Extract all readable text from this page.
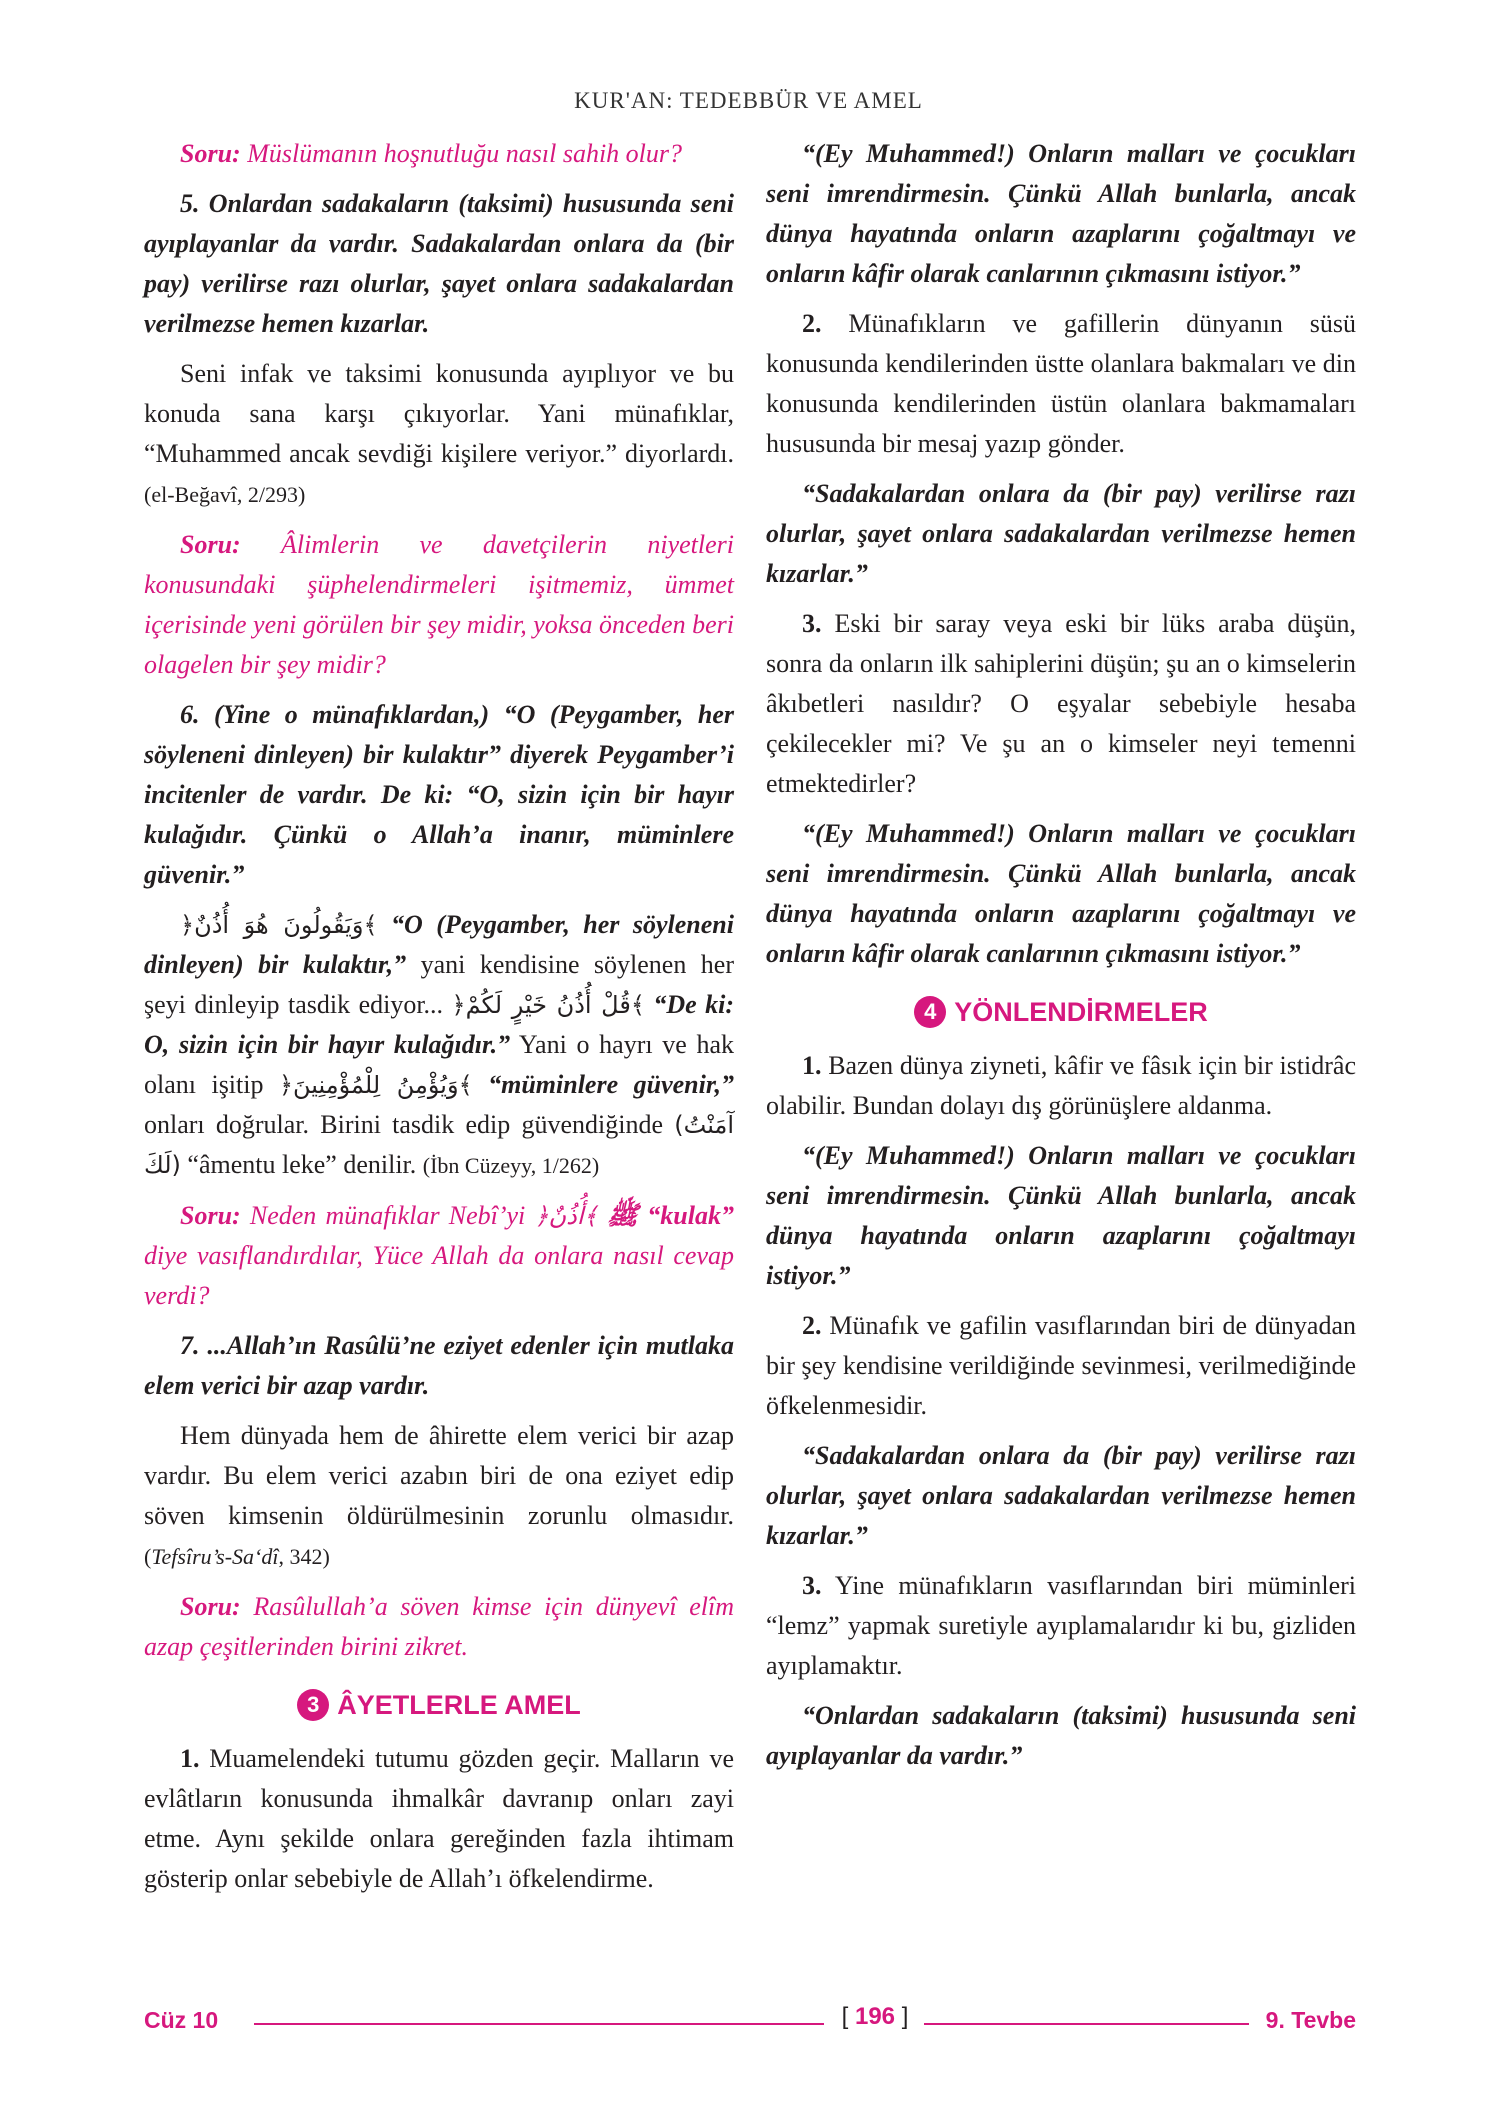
KUR'AN: TEDEBBÜR VE AMEL

Soru: Müslümanın hoşnutluğu nasıl sahih olur?

5. Onlardan sadakaların (taksimi) hususunda seni ayıplayanlar da vardır. Sadakalardan onlara da (bir pay) verilirse razı olurlar, şayet onlara sadakalardan verilmezse hemen kızarlar.

Seni infak ve taksimi konusunda ayıplıyor ve bu konuda sana karşı çıkıyorlar. Yani münafıklar, “Muhammed ancak sevdiği kişilere veriyor.” diyorlardı. (el-Beğavî, 2/293)

Soru: Âlimlerin ve davetçilerin niyetleri konusundaki şüphelendirmeleri işitmemiz, ümmet içerisinde yeni görülen bir şey midir, yoksa önceden beri olagelen bir şey midir?

6. (Yine o münafıklardan,) “O (Peygamber, her söyleneni dinleyen) bir kulaktır” diyerek Peygamber’i incitenler de vardır. De ki: “O, sizin için bir hayır kulağıdır. Çünkü o Allah’a inanır, müminlere güvenir.”

﴿وَيَقُولُونَ هُوَ أُذُنٌ﴾ “O (Peygamber, her söyleneni dinleyen) bir kulaktır,” yani kendisine söylenen her şeyi dinleyip tasdik ediyor... ﴿قُلْ أُذُنُ خَيْرٍ لَكُمْ﴾ “De ki: O, sizin için bir hayır kulağıdır.” Yani o hayrı ve hak olanı işitip ﴿وَيُؤْمِنُ لِلْمُؤْمِنِينَ﴾ “müminlere güvenir,” onları doğrular. Birini tasdik edip güvendiğinde (آمَنْتُ لَكَ) “âmentu leke” denilir. (İbn Cüzeyy, 1/262)

Soru: Neden münafıklar Nebî’yi ﴿أُذُنٌ﴾ ﷺ “kulak” diye vasıflandırdılar, Yüce Allah da onlara nasıl cevap verdi?

7. ...Allah’ın Rasûlü’ne eziyet edenler için mutlaka elem verici bir azap vardır.

Hem dünyada hem de âhirette elem verici bir azap vardır. Bu elem verici azabın biri de ona eziyet edip söven kimsenin öldürülmesinin zorunlu olmasıdır. (Tefsîru’s-Sa‘dî, 342)

Soru: Rasûlullah’a söven kimse için dünyevî elîm azap çeşitlerinden birini zikret.

3 ÂYETLERLE AMEL

1. Muamelendeki tutumu gözden geçir. Malların ve evlâtların konusunda ihmalkâr davranıp onları zayi etme. Aynı şekilde onlara gereğinden fazla ihtimam gösterip onlar sebebiyle de Allah’ı öfkelendirme.

“(Ey Muhammed!) Onların malları ve çocukları seni imrendirmesin. Çünkü Allah bunlarla, ancak dünya hayatında onların azaplarını çoğaltmayı ve onların kâfir olarak canlarının çıkmasını istiyor.”

2. Münafıkların ve gafillerin dünyanın süsü konusunda kendilerinden üstte olanlara bakmaları ve din konusunda kendilerinden üstün olanlara bakmamaları hususunda bir mesaj yazıp gönder.

“Sadakalardan onlara da (bir pay) verilirse razı olurlar, şayet onlara sadakalardan verilmezse hemen kızarlar.”

3. Eski bir saray veya eski bir lüks araba düşün, sonra da onların ilk sahiplerini düşün; şu an o kimselerin âkıbetleri nasıldır? O eşyalar sebebiyle hesaba çekilecekler mi? Ve şu an o kimseler neyi temenni etmektedirler?

“(Ey Muhammed!) Onların malları ve çocukları seni imrendirmesin. Çünkü Allah bunlarla, ancak dünya hayatında onların azaplarını çoğaltmayı ve onların kâfir olarak canlarının çıkmasını istiyor.”

4 YÖNLENDİRMELER

1. Bazen dünya ziyneti, kâfir ve fâsık için bir istidrâc olabilir. Bundan dolayı dış görünüşlere aldanma.

“(Ey Muhammed!) Onların malları ve çocukları seni imrendirmesin. Çünkü Allah bunlarla, ancak dünya hayatında onların azaplarını çoğaltmayı istiyor.”

2. Münafık ve gafilin vasıflarından biri de dünyadan bir şey kendisine verildiğinde sevinmesi, verilmediğinde öfkelenmesidir.

“Sadakalardan onlara da (bir pay) verilirse razı olurlar, şayet onlara sadakalardan verilmezse hemen kızarlar.”

3. Yine münafıkların vasıflarından biri müminleri “lemz” yapmak suretiyle ayıplamalarıdır ki bu, gizliden ayıplamaktır.

“Onlardan sadakaların (taksimi) hususunda seni ayıplayanlar da vardır.”

Cüz 10	[ 196 ]	9. Tevbe
